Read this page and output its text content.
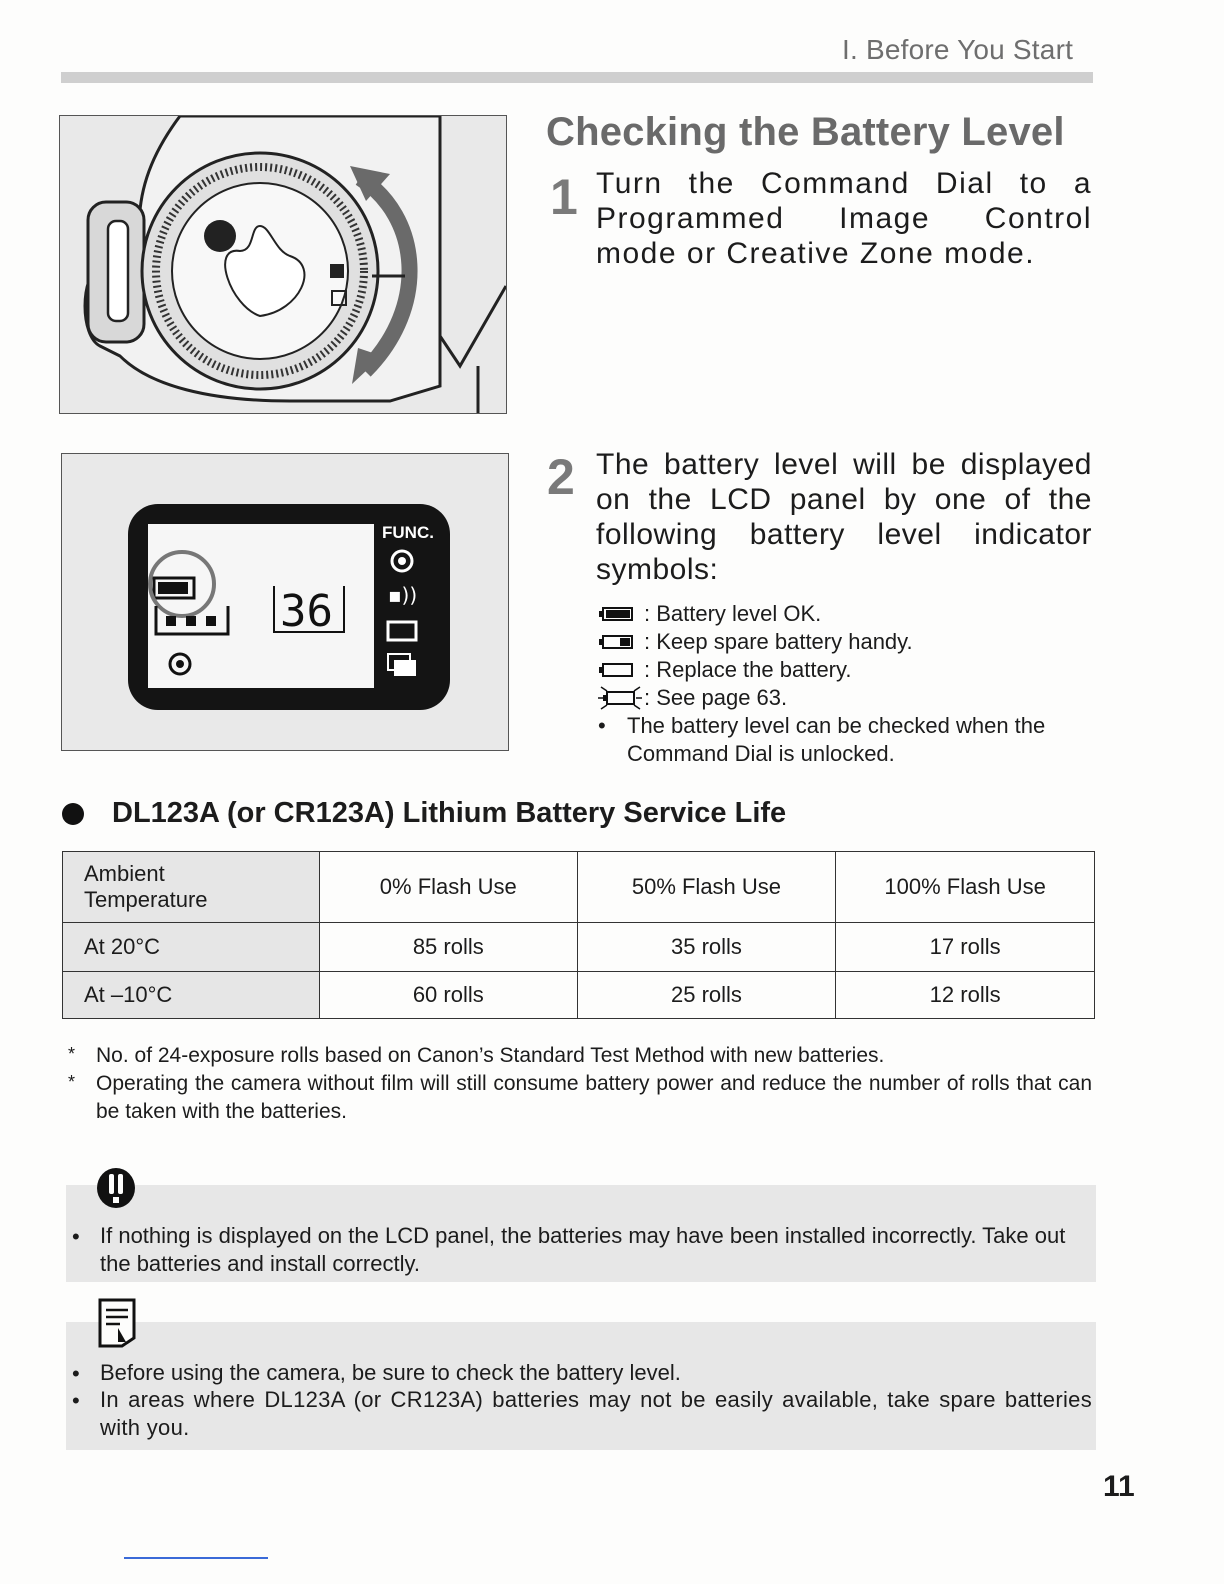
I. Before You Start
FUNC.
36	▪))
Checking the Battery Level
1 Turn the Command Dial to a Programmed Image Control mode or Creative Zone mode.
2 The battery level will be displayed on the LCD panel by one of the following battery level indicator symbols:
: Battery level OK.
: Keep spare battery handy.
: Replace the battery.
: See page 63.
• The battery level can be checked when the Command Dial is unlocked.
DL123A (or CR123A) Lithium Battery Service Life
Ambient Temperature	0% Flash Use	50% Flash Use	100% Flash Use
At 20°C	85 rolls	35 rolls	17 rolls
At –10°C	60 rolls	25 rolls	12 rolls
* No. of 24-exposure rolls based on Canon’s Standard Test Method with new batteries.
* Operating the camera without film will still consume battery power and reduce the number of rolls that can be taken with the batteries.
• If nothing is displayed on the LCD panel, the batteries may have been installed incorrectly. Take out the batteries and install correctly.
• Before using the camera, be sure to check the battery level.
• In areas where DL123A (or CR123A) batteries may not be easily available, take spare batteries with you.
11
